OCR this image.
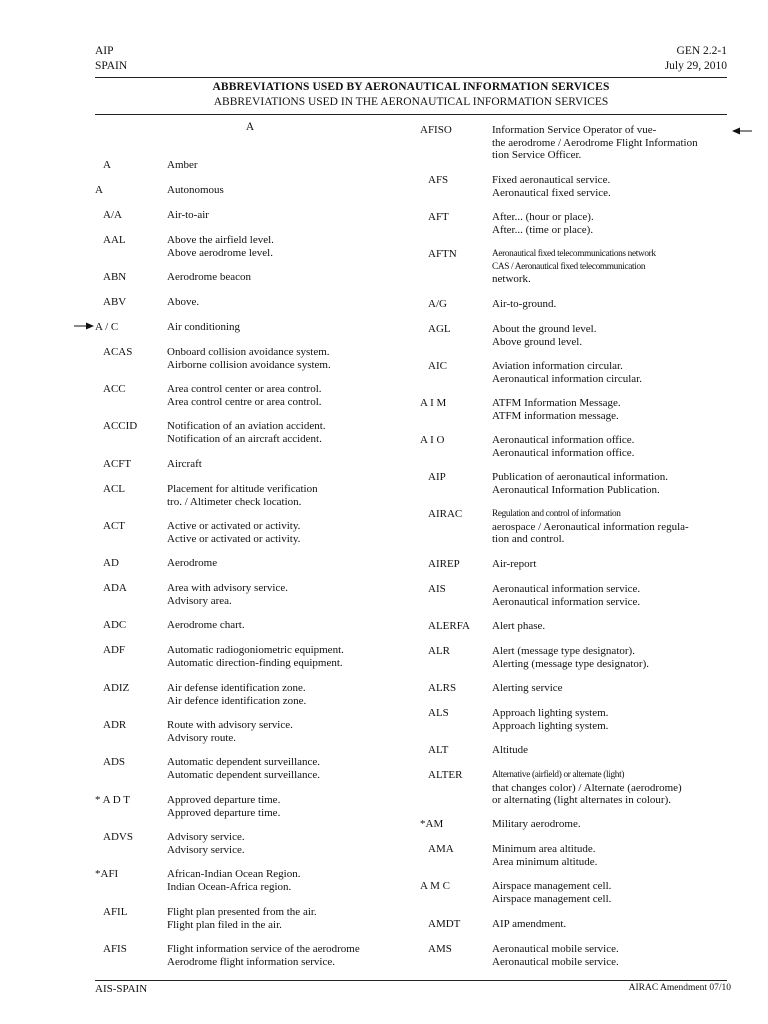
AIP
SPAIN
GEN 2.2-1
July 29, 2010
ABBREVIATIONS USED BY AERONAUTICAL INFORMATION SERVICES
ABBREVIATIONS USED IN THE AERONAUTICAL INFORMATION SERVICES
A
A	Amber
A	Autonomous
A/A	Air-to-air
AAL	Above the airfield level.
Above aerodrome level.
ABN	Aerodrome beacon
ABV	Above.
A / C	Air conditioning
ACAS	Onboard collision avoidance system.
Airborne collision avoidance system.
ACC	Area control center or area control.
Area control centre or area control.
ACCID	Notification of an aviation accident.
Notification of an aircraft accident.
ACFT	Aircraft
ACL	Placement for altitude verification
tro. / Altimeter check location.
ACT	Active or activated or activity.
Active or activated or activity.
AD	Aerodrome
ADA	Area with advisory service.
Advisory area.
ADC	Aerodrome chart.
ADF	Automatic radiogoniometric equipment.
Automatic direction-finding equipment.
ADIZ	Air defense identification zone.
Air defence identification zone.
ADR	Route with advisory service.
Advisory route.
ADS	Automatic dependent surveillance.
Automatic dependent surveillance.
* A D T	Approved departure time.
Approved departure time.
ADVS	Advisory service.
Advisory service.
*AFI	African-Indian Ocean Region.
Indian Ocean-Africa region.
AFIL	Flight plan presented from the air.
Flight plan filed in the air.
AFIS	Flight information service of the aerodrome
Aerodrome flight information service.
AFISO	Information Service Operator of vue-
the aerodrome / Aerodrome Flight Information
tion Service Officer.
AFS	Fixed aeronautical service.
Aeronautical fixed service.
AFT	After... (hour or place).
After... (time or place).
AFTN	Aeronautical fixed telecommunications network
CAS / Aeronautical fixed telecommunication
network.
A/G	Air-to-ground.
AGL	About the ground level.
Above ground level.
AIC	Aviation information circular.
Aeronautical information circular.
A I M	ATFM Information Message.
ATFM information message.
A I O	Aeronautical information office.
Aeronautical information office.
AIP	Publication of aeronautical information.
Aeronautical Information Publication.
AIRAC	Regulation and control of information
aerospace / Aeronautical information regula-
tion and control.
AIREP	Air-report
AIS	Aeronautical information service.
Aeronautical information service.
ALERFA Alert phase.
ALR	Alert (message type designator).
Alerting (message type designator).
ALRS	Alerting service
ALS	Approach lighting system.
Approach lighting system.
ALT	Altitude
ALTER	Alternative (airfield) or alternate (light)
that changes color) / Alternate (aerodrome)
or alternating (light alternates in colour).
*AM	Military aerodrome.
AMA	Minimum area altitude.
Area minimum altitude.
A M C	Airspace management cell.
Airspace management cell.
AMDT	AIP amendment.
AMS	Aeronautical mobile service.
Aeronautical mobile service.
AIS-SPAIN	AIRAC Amendment 07/10
